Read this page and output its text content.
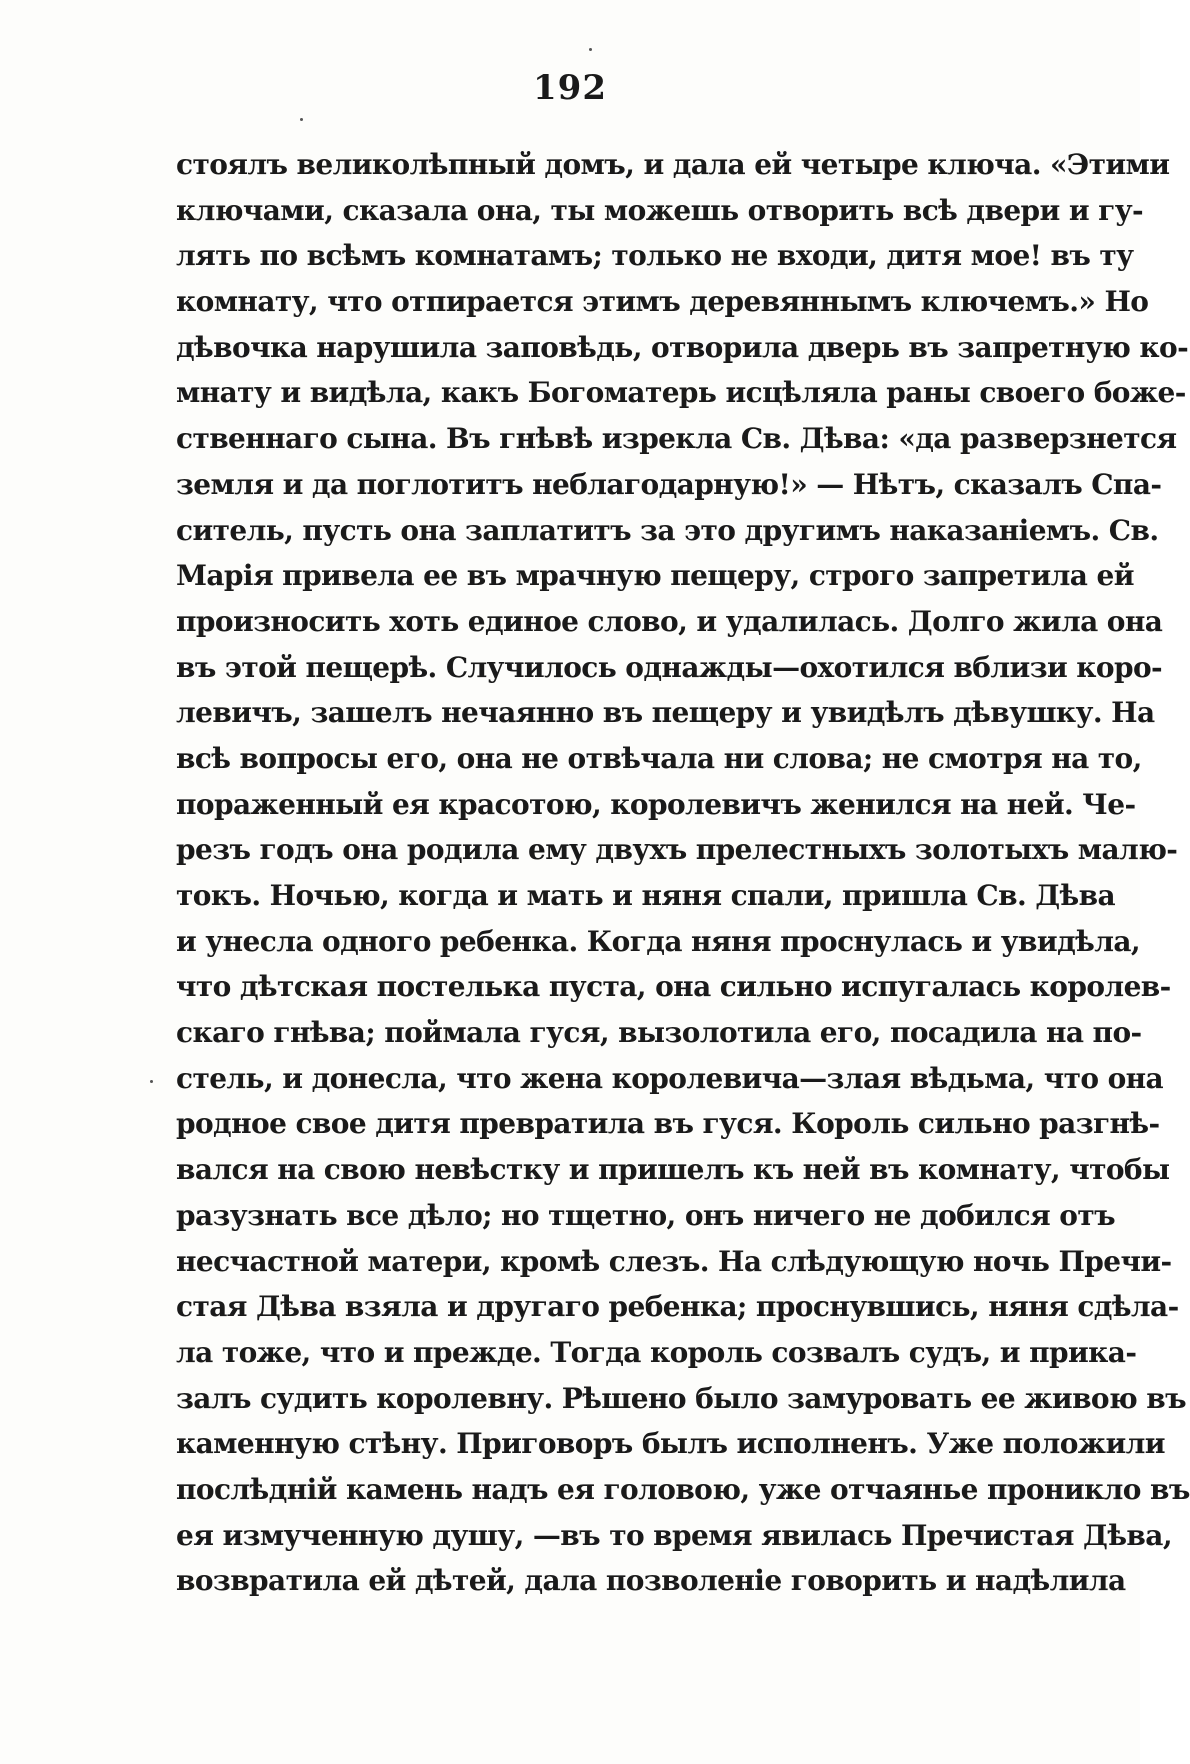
192
стоялъ великолѣпный домъ, и дала ей четыре ключа. «Этими
ключами, сказала она, ты можешь отворить всѣ двери и гу-
лять по всѣмъ комнатамъ; только не входи, дитя мое! въ ту
комнату, что отпирается этимъ деревяннымъ ключемъ.» Но
дѣвочка нарушила заповѣдь, отворила дверь въ запретную ко-
мнату и видѣла, какъ Богоматерь исцѣляла раны своего боже-
ственнаго сына. Въ гнѣвѣ изрекла Св. Дѣва: «да разверзнется
земля и да поглотитъ неблагодарную!» — Нѣтъ, сказалъ Спа-
ситель, пусть она заплатитъ за это другимъ наказаніемъ. Св.
Марія привела ее въ мрачную пещеру, строго запретила ей
произносить хоть единое слово, и удалилась. Долго жила она
въ этой пещерѣ. Случилось однажды—охотился вблизи коро-
левичъ, зашелъ нечаянно въ пещеру и увидѣлъ дѣвушку. На
всѣ вопросы его, она не отвѣчала ни слова; не смотря на то,
пораженный ея красотою, королевичъ женился на ней. Че-
резъ годъ она родила ему двухъ прелестныхъ золотыхъ малю-
токъ. Ночью, когда и мать и няня спали, пришла Св. Дѣва
и унесла одного ребенка. Когда няня проснулась и увидѣла,
что дѣтская постелька пуста, она сильно испугалась королев-
скаго гнѣва; поймала гуся, вызолотила его, посадила на по-
стель, и донесла, что жена королевича—злая вѣдьма, что она
родное свое дитя превратила въ гуся. Король сильно разгнѣ-
вался на свою невѣстку и пришелъ къ ней въ комнату, чтобы
разузнать все дѣло; но тщетно, онъ ничего не добился отъ
несчастной матери, кромѣ слезъ. На слѣдующую ночь Пречи-
стая Дѣва взяла и другаго ребенка; проснувшись, няня сдѣла-
ла тоже, что и прежде. Тогда король созвалъ судъ, и прика-
залъ судить королевну. Рѣшено было замуровать ее живою въ
каменную стѣну. Приговоръ былъ исполненъ. Уже положили
послѣдній камень надъ ея головою, уже отчаянье проникло въ
ея измученную душу, —въ то время явилась Пречистая Дѣва,
возвратила ей дѣтей, дала позволеніе говорить и надѣлила
